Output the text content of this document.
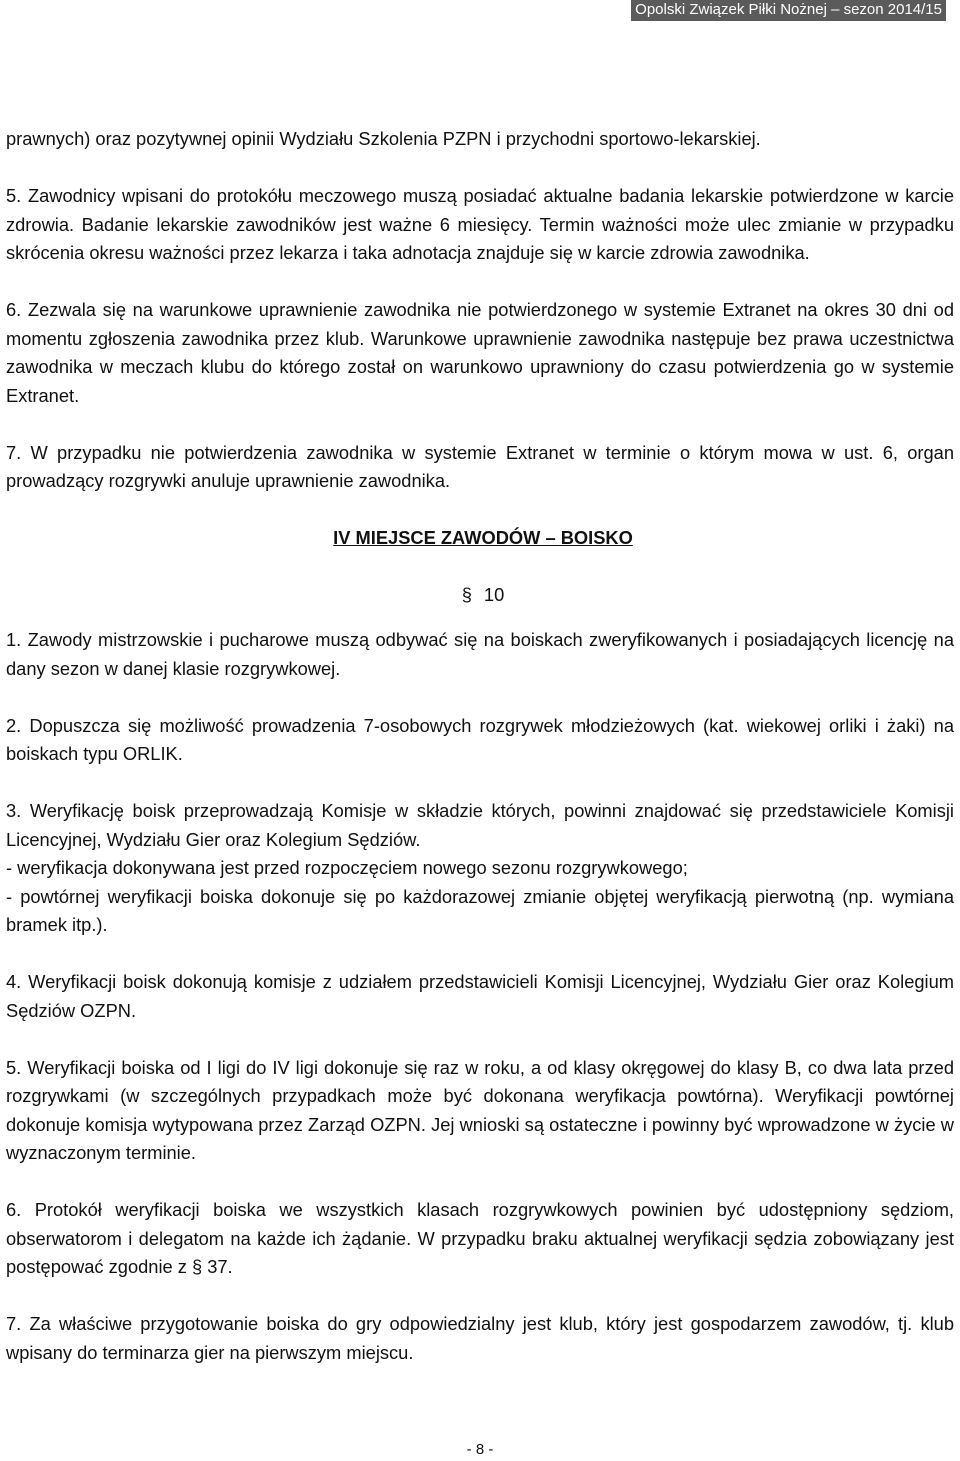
Opolski Związek Piłki Nożnej – sezon 2014/15

prawnych) oraz pozytywnej opinii Wydziału Szkolenia PZPN i przychodni sportowo-lekarskiej.

5. Zawodnicy wpisani do protokółu meczowego muszą posiadać aktualne badania lekarskie potwierdzone w karcie zdrowia. Badanie lekarskie zawodników jest ważne 6 miesięcy. Termin ważności może ulec zmianie w przypadku skrócenia okresu ważności przez lekarza i taka adnotacja znajduje się w karcie zdrowia zawodnika.

6. Zezwala się na warunkowe uprawnienie zawodnika nie potwierdzonego w systemie Extranet na okres 30 dni od momentu zgłoszenia zawodnika przez klub. Warunkowe uprawnienie zawodnika następuje bez prawa uczestnictwa zawodnika w meczach klubu do którego został on warunkowo uprawniony do czasu potwierdzenia go w systemie Extranet.

7. W przypadku nie potwierdzenia zawodnika w systemie Extranet w terminie o którym mowa w ust. 6, organ prowadzący rozgrywki anuluje uprawnienie zawodnika.

IV MIEJSCE ZAWODÓW – BOISKO
§ 10

1. Zawody mistrzowskie i pucharowe muszą odbywać się na boiskach zweryfikowanych i posiadających licencję na dany sezon w danej klasie rozgrywkowej.

2. Dopuszcza się możliwość prowadzenia 7-osobowych rozgrywek młodzieżowych (kat. wiekowej orliki i żaki) na boiskach typu ORLIK.

3. Weryfikację boisk przeprowadzają Komisje w składzie których, powinni znajdować się przedstawiciele Komisji Licencyjnej, Wydziału Gier oraz Kolegium Sędziów.

- weryfikacja dokonywana jest przed rozpoczęciem nowego sezonu rozgrywkowego;

- powtórnej weryfikacji boiska dokonuje się po każdorazowej zmianie objętej weryfikacją pierwotną (np. wymiana bramek itp.).

4. Weryfikacji boisk dokonują komisje z udziałem przedstawicieli Komisji Licencyjnej, Wydziału Gier oraz Kolegium Sędziów OZPN.

5. Weryfikacji boiska od I ligi do IV ligi dokonuje się raz w roku, a od klasy okręgowej do klasy B, co dwa lata przed rozgrywkami (w szczególnych przypadkach może być dokonana weryfikacja powtórna). Weryfikacji powtórnej dokonuje komisja wytypowana przez Zarząd OZPN. Jej wnioski są ostateczne i powinny być wprowadzone w życie w wyznaczonym terminie.

6. Protokół weryfikacji boiska we wszystkich klasach rozgrywkowych powinien być udostępniony sędziom, obserwatorom i delegatom na każde ich żądanie. W przypadku braku aktualnej weryfikacji sędzia zobowiązany jest postępować zgodnie z § 37.

7. Za właściwe przygotowanie boiska do gry odpowiedzialny jest klub, który jest gospodarzem zawodów, tj. klub wpisany do terminarza gier na pierwszym miejscu.

- 8 -
